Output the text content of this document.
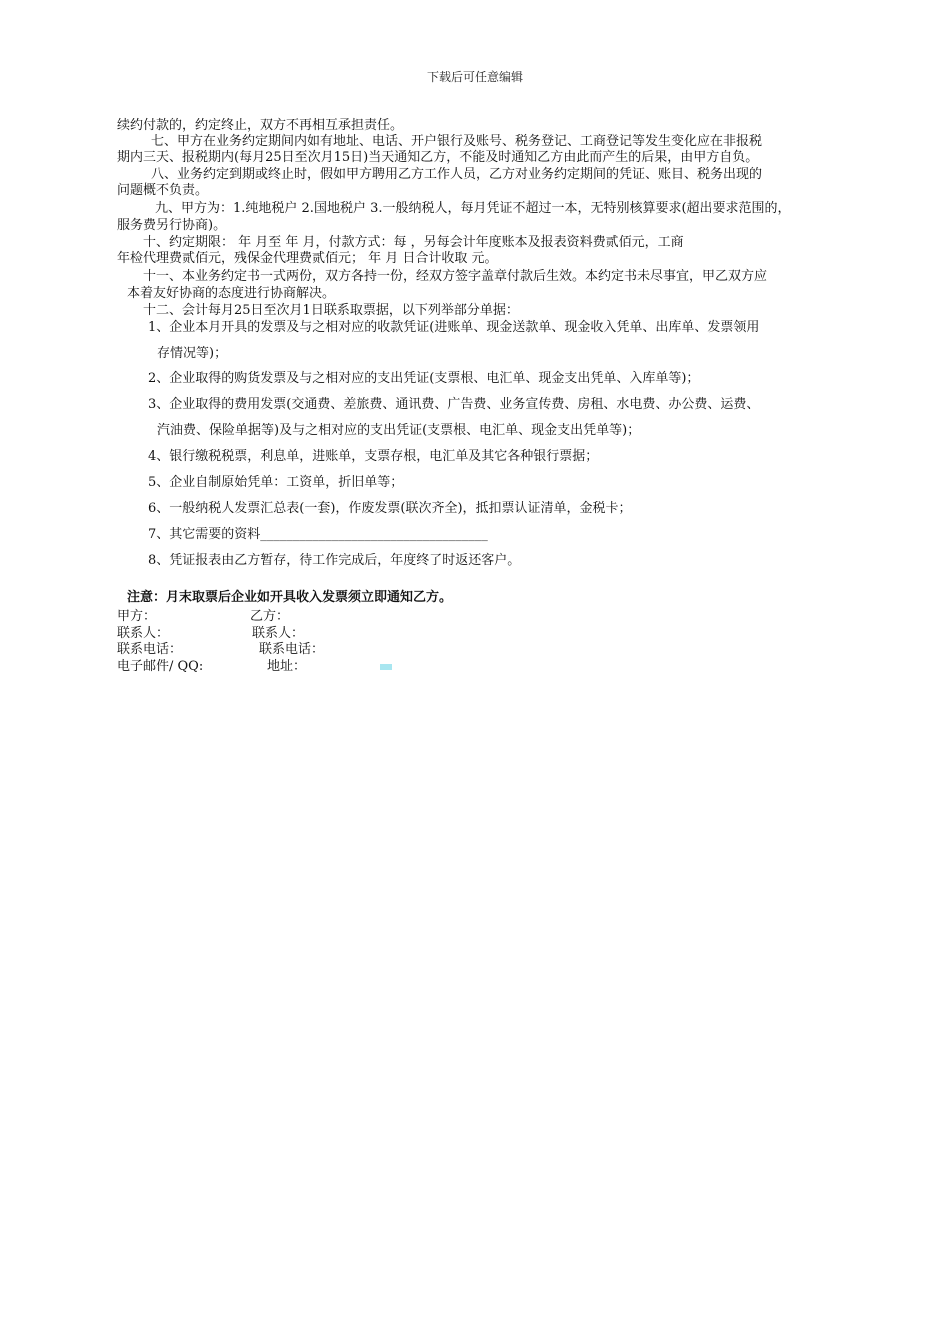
下载后可任意编辑
续约付款的，约定终止，双方不再相互承担责任。
七、甲方在业务约定期间内如有地址、电话、开户银行及账号、税务登记、工商登记等发生变化应在非报税
期内三天、报税期内(每月25日至次月15日)当天通知乙方，不能及时通知乙方由此而产生的后果，由甲方自负。
八、业务约定到期或终止时，假如甲方聘用乙方工作人员，乙方对业务约定期间的凭证、账目、税务出现的
问题概不负责。
九、甲方为：1.纯地税户 2.国地税户 3.一般纳税人，每月凭证不超过一本，无特别核算要求(超出要求范围的，
服务费另行协商)。
十、约定期限： 年 月至 年 月，付款方式：每 ，另每会计年度账本及报表资料费贰佰元，工商
年检代理费贰佰元，残保金代理费贰佰元； 年 月 日合计收取 元。
十一、本业务约定书一式两份，双方各持一份，经双方签字盖章付款后生效。本约定书未尽事宜，甲乙双方应
本着友好协商的态度进行协商解决。
十二、会计每月25日至次月1日联系取票据，以下列举部分单据：
1、企业本月开具的发票及与之相对应的收款凭证(进账单、现金送款单、现金收入凭单、出库单、发票领用
存情况等)；
2、企业取得的购货发票及与之相对应的支出凭证(支票根、电汇单、现金支出凭单、入库单等)；
3、企业取得的费用发票(交通费、差旅费、通讯费、广告费、业务宣传费、房租、水电费、办公费、运费、
汽油费、保险单据等)及与之相对应的支出凭证(支票根、电汇单、现金支出凭单等)；
4、银行缴税税票，利息单，进账单，支票存根，电汇单及其它各种银行票据；
5、企业自制原始凭单：工资单，折旧单等；
6、一般纳税人发票汇总表(一套)，作废发票(联次齐全)，抵扣票认证清单，金税卡；
7、其它需要的资料___________________________________
8、凭证报表由乙方暂存，待工作完成后，年度终了时返还客户。
注意：月末取票后企业如开具收入发票须立即通知乙方。
甲方：	乙方：
联系人：	联系人：
联系电话：	联系电话：
电子邮件/ QQ:	地址：
